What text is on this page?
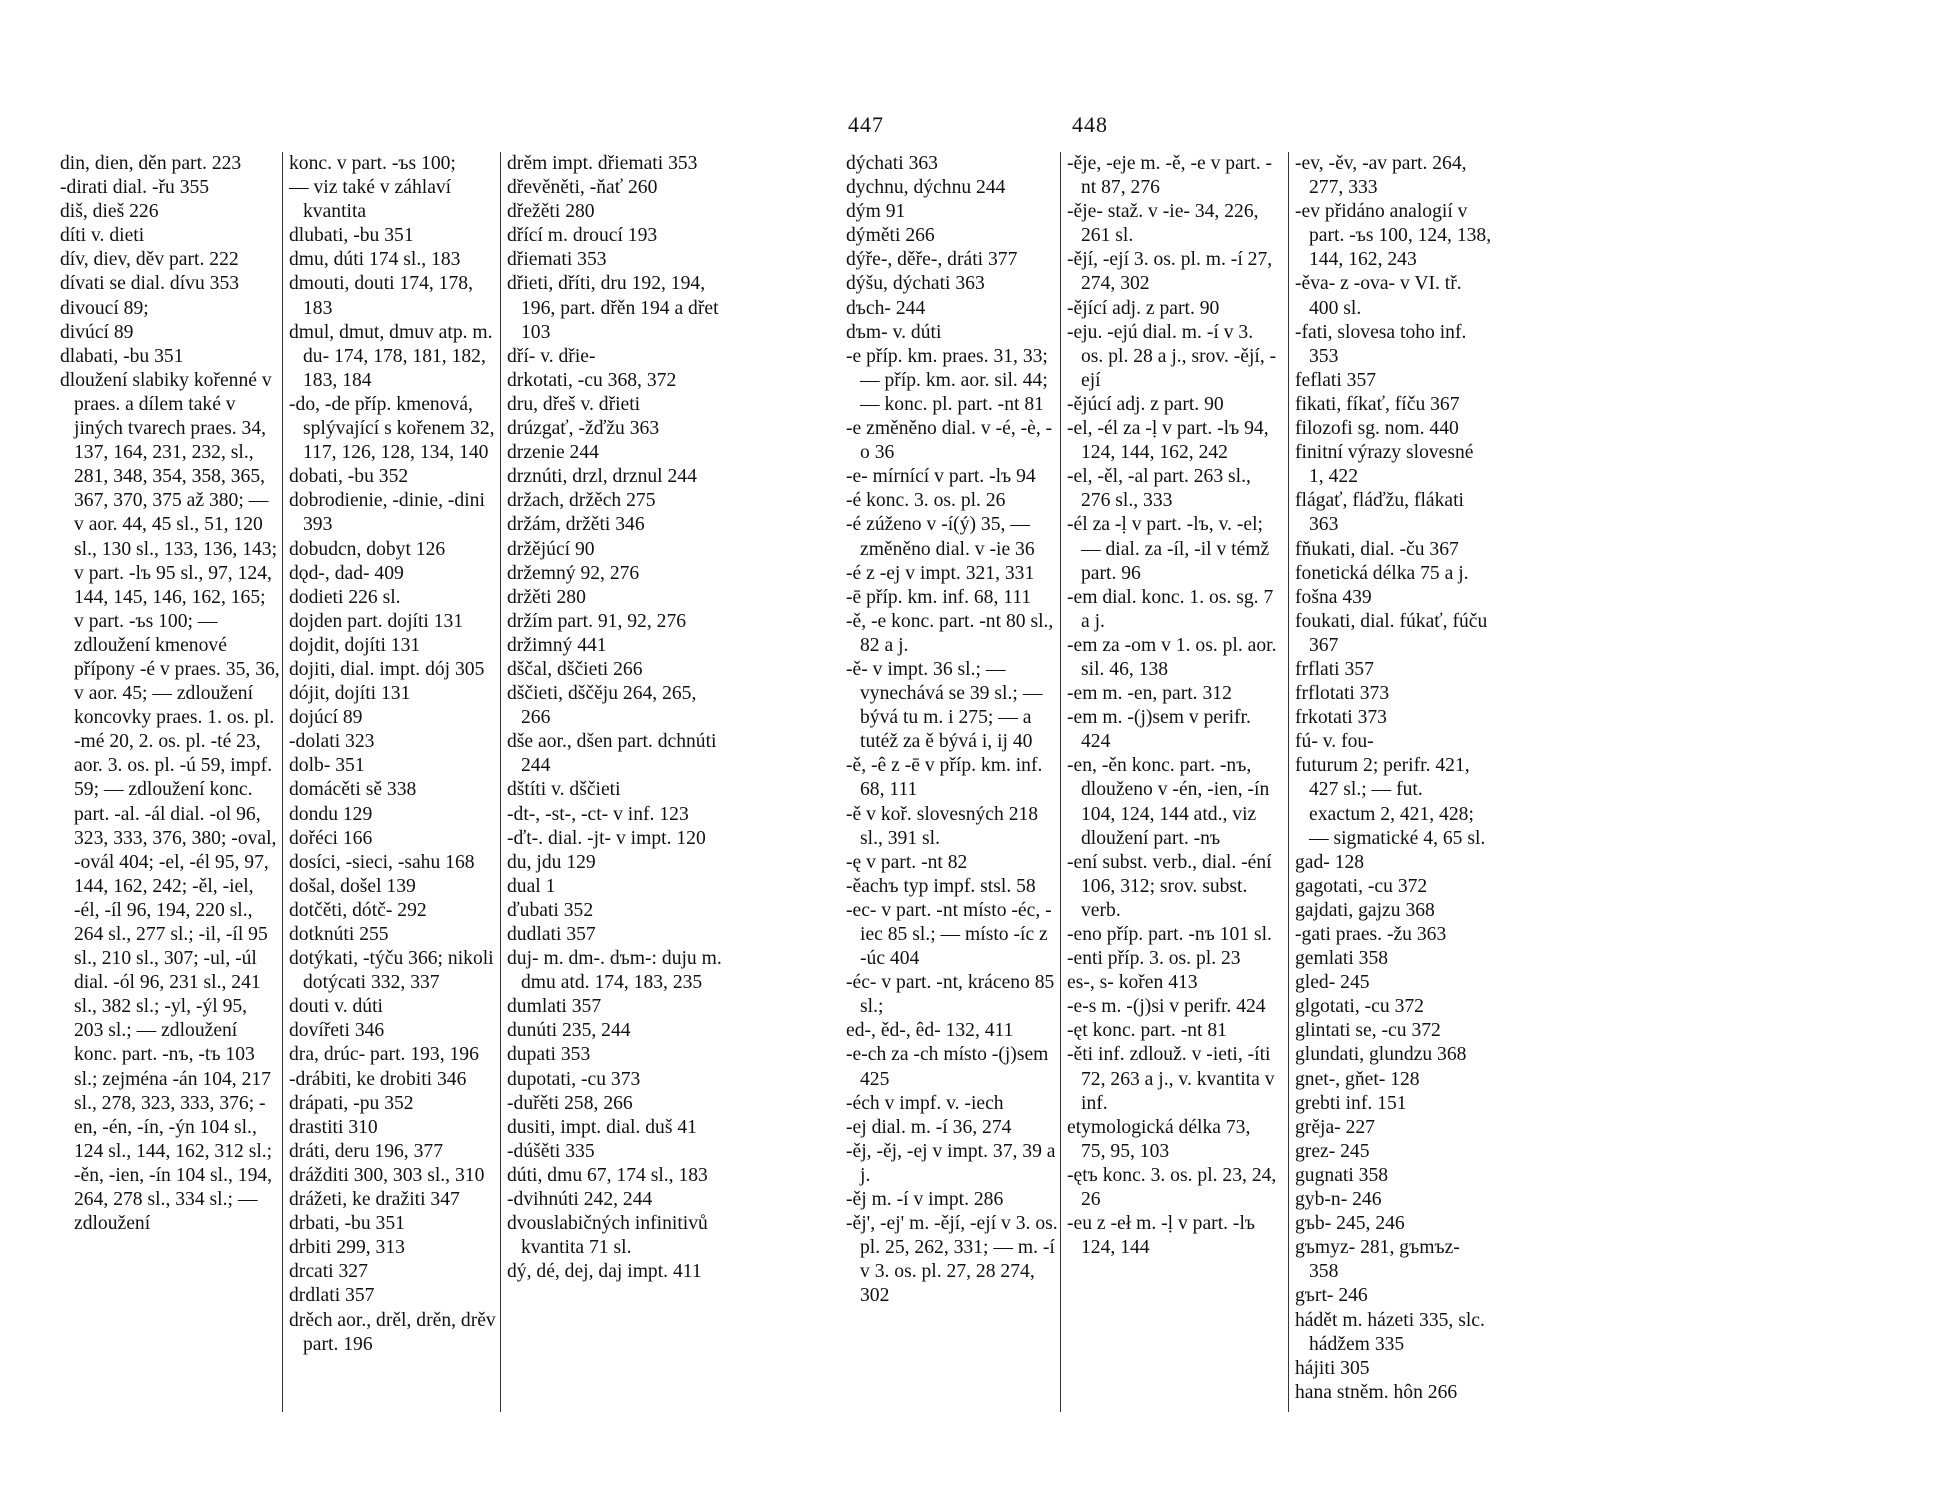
447

din, dien, děn part. 223

-dirati dial. -řu 355

diš, dieš 226

díti v. dieti

dív, diev, děv part. 222

dívati se dial. dívu 353

divoucí 89;

divúcí 89

dlabati, -bu 351

dloužení slabiky kořenné v praes. a dílem také v jiných tvarech praes. 34, 137, 164, 231, 232, sl., 281, 348, 354, 358, 365, 367, 370, 375 až 380; — v aor. 44, 45 sl., 51, 120 sl., 130 sl., 133, 136, 143; v part. -lъ 95 sl., 97, 124, 144, 145, 146, 162, 165; v part. -ъs 100; — zdloužení kmenové přípony -é v praes. 35, 36, v aor. 45; — zdloužení koncovky praes. 1. os. pl. -mé 20, 2. os. pl. -té 23, aor. 3. os. pl. -ú 59, impf. 59; — zdloužení konc. part. -al. -ál dial. -ol 96, 323, 333, 376, 380; -oval, -ovál 404; -el, -él 95, 97, 144, 162, 242; -ěl, -iel, -él, -íl 96, 194, 220 sl., 264 sl., 277 sl.; -il, -íl 95 sl., 210 sl., 307; -ul, -úl dial. -ól 96, 231 sl., 241 sl., 382 sl.; -yl, -ýl 95, 203 sl.; — zdloužení konc. part. -nъ, -tъ 103 sl.; zejména -án 104, 217 sl., 278, 323, 333, 376; -en, -én, -ín, -ýn 104 sl., 124 sl., 144, 162, 312 sl.; -ěn, -ien, -ín 104 sl., 194, 264, 278 sl., 334 sl.; — zdloužení

konc. v part. -ъs 100;

— viz také v záhlaví kvantita

dlubati, -bu 351

dmu, dúti 174 sl., 183

dmouti, douti 174, 178, 183

dmul, dmut, dmuv atp. m. du- 174, 178, 181, 182, 183, 184

-do, -de příp. kmenová, splývající s kořenem 32, 117, 126, 128, 134, 140

dobati, -bu 352

dobrodienie, -dinie, -dini 393

dobudcn, dobyt 126

dǫd-, dad- 409

dodieti 226 sl.

dojden part. dojíti 131

dojdit, dojíti 131

dojiti, dial. impt. dój 305

dójit, dojíti 131

dojúcí 89

-dolati 323

dolb- 351

domácěti sě 338

dondu 129

dořéci 166

dosíci, -sieci, -sahu 168

došal, došel 139

dotčěti, dótč- 292

dotknúti 255

dotýkati, -týču 366; nikoli dotýcati 332, 337

douti v. dúti

dovířeti 346

dra, drúc- part. 193, 196

-drábiti, ke drobiti 346

drápati, -pu 352

drastiti 310

dráti, deru 196, 377

drážditi 300, 303 sl., 310

drážeti, ke dražiti 347

drbati, -bu 351

drbiti 299, 313

drcati 327

drdlati 357

drěch aor., drěl, drěn, drěv part. 196

drěm impt. dřiemati 353

dřevěněti, -ňať 260

dřežěti 280

dřící m. droucí 193

dřiemati 353

dřieti, dříti, dru 192, 194, 196, part. dřěn 194 a dřet 103

dří- v. dřie-

drkotati, -cu 368, 372

dru, dřeš v. dřieti

drúzgať, -žďžu 363

drzenie 244

drznúti, drzl, drznul 244

držach, držěch 275

držám, držěti 346

držějúcí 90

držemný 92, 276

držěti 280

držím part. 91, 92, 276

držimný 441

dščal, dščieti 266

dščieti, dščěju 264, 265, 266

dše aor., dšen part. dchnúti 244

dštíti v. dščieti

-dt-, -st-, -ct- v inf. 123

-ďt-. dial. -jt- v impt. 120

du, jdu 129

dual 1

ďubati 352

dudlati 357

duj- m. dm-. dъm-: duju m. dmu atd. 174, 183, 235

dumlati 357

dunúti 235, 244

dupati 353

dupotati, -cu 373

-duřěti 258, 266

dusiti, impt. dial. duš 41

-dúšěti 335

dúti, dmu 67, 174 sl., 183

-dvihnúti 242, 244

dvouslabičných infinitivů kvantita 71 sl.

dý, dé, dej, daj impt. 411

448

dýchati 363

dychnu, dýchnu 244

dým 91

dýměti 266

dýře-, děře-, dráti 377

dýšu, dýchati 363

dъch- 244

dъm- v. dúti

-e příp. km. praes. 31, 33; — příp. km. aor. sil. 44; — konc. pl. part. -nt 81

-e změněno dial. v -é, -è, -o 36

-e- mírnící v part. -lъ 94

-é konc. 3. os. pl. 26

-é zúženo v -í(ý) 35, — změněno dial. v -ie 36

-é z -ej v impt. 321, 331

-ē příp. km. inf. 68, 111

-ě, -e konc. part. -nt 80 sl., 82 a j.

-ě- v impt. 36 sl.; — vynechává se 39 sl.; — bývá tu m. i 275; — a tutéž za ě bývá i, ij 40

-ě, -ê z -ē v příp. km. inf. 68, 111

-ě v koř. slovesných 218 sl., 391 sl.

-ę v part. -nt 82

-ěachъ typ impf. stsl. 58

-ec- v part. -nt místo -éc, -iec 85 sl.; — místo -íc z -úc 404

-éc- v part. -nt, kráceno 85 sl.;

ed-, ěd-, êd- 132, 411

-e-ch za -ch místo -(j)sem 425

-éch v impf. v. -iech

-ej dial. m. -í 36, 274

-ěj, -ěj, -ej v impt. 37, 39 a j.

-ěj m. -í v impt. 286

-ěj', -ej' m. -ějí, -ejí v 3. os. pl. 25, 262, 331; — m. -í v 3. os. pl. 27, 28 274, 302

-ěje, -eje m. -ě, -e v part. -nt 87, 276

-ěje- staž. v -ie- 34, 226, 261 sl.

-ějí, -ejí 3. os. pl. m. -í 27, 274, 302

-ějící adj. z part. 90

-eju. -ejú dial. m. -í v 3. os. pl. 28 a j., srov. -ějí, -ejí

-ějúcí adj. z part. 90

-el, -él za -ḷ v part. -lъ 94, 124, 144, 162, 242

-el, -ěl, -al part. 263 sl., 276 sl., 333

-él za -ḷ v part. -lъ, v. -el; — dial. za -íl, -il v témž part. 96

-em dial. konc. 1. os. sg. 7 a j.

-em za -om v 1. os. pl. aor. sil. 46, 138

-em m. -en, part. 312

-em m. -(j)sem v perifr. 424

-en, -ěn konc. part. -nъ, dlouženo v -én, -ien, -ín 104, 124, 144 atd., viz dloužení part. -nъ

-ení subst. verb., dial. -éní 106, 312; srov. subst. verb.

-eno příp. part. -nъ 101 sl.

-enti příp. 3. os. pl. 23

es-, s- kořen 413

-e-s m. -(j)si v perifr. 424

-ęt konc. part. -nt 81

-ěti inf. zdlouž. v -ieti, -íti 72, 263 a j., v. kvantita v inf.

etymologická délka 73, 75, 95, 103

-ętъ konc. 3. os. pl. 23, 24, 26

-eu z -eł m. -ḷ v part. -lъ 124, 144

-ev, -ěv, -av part. 264, 277, 333

-ev přidáno analogií v part. -ъs 100, 124, 138, 144, 162, 243

-ěva- z -ova- v VI. tř. 400 sl.

-fati, slovesa toho inf. 353

feflati 357

fikati, fíkať, fíču 367

filozofi sg. nom. 440

finitní výrazy slovesné 1, 422

flágať, fláďžu, flákati 363

fňukati, dial. -ču 367

fonetická délka 75 a j.

fošna 439

foukati, dial. fúkať, fúču 367

frflati 357

frflotati 373

frkotati 373

fú- v. fou-

futurum 2; perifr. 421, 427 sl.; — fut. exactum 2, 421, 428; — sigmatické 4, 65 sl.

gad- 128

gagotati, -cu 372

gajdati, gajzu 368

-gati praes. -žu 363

gemlati 358

gled- 245

glgotati, -cu 372

glintati se, -cu 372

glundati, glundzu 368

gnet-, gňet- 128

grebti inf. 151

grěja- 227

grez- 245

gugnati 358

gyb-n- 246

gъb- 245, 246

gъmyz- 281, gъmъz- 358

gъrt- 246

hádět m. házeti 335, slc. hádžem 335

hájiti 305

hana stněm. hôn 266
